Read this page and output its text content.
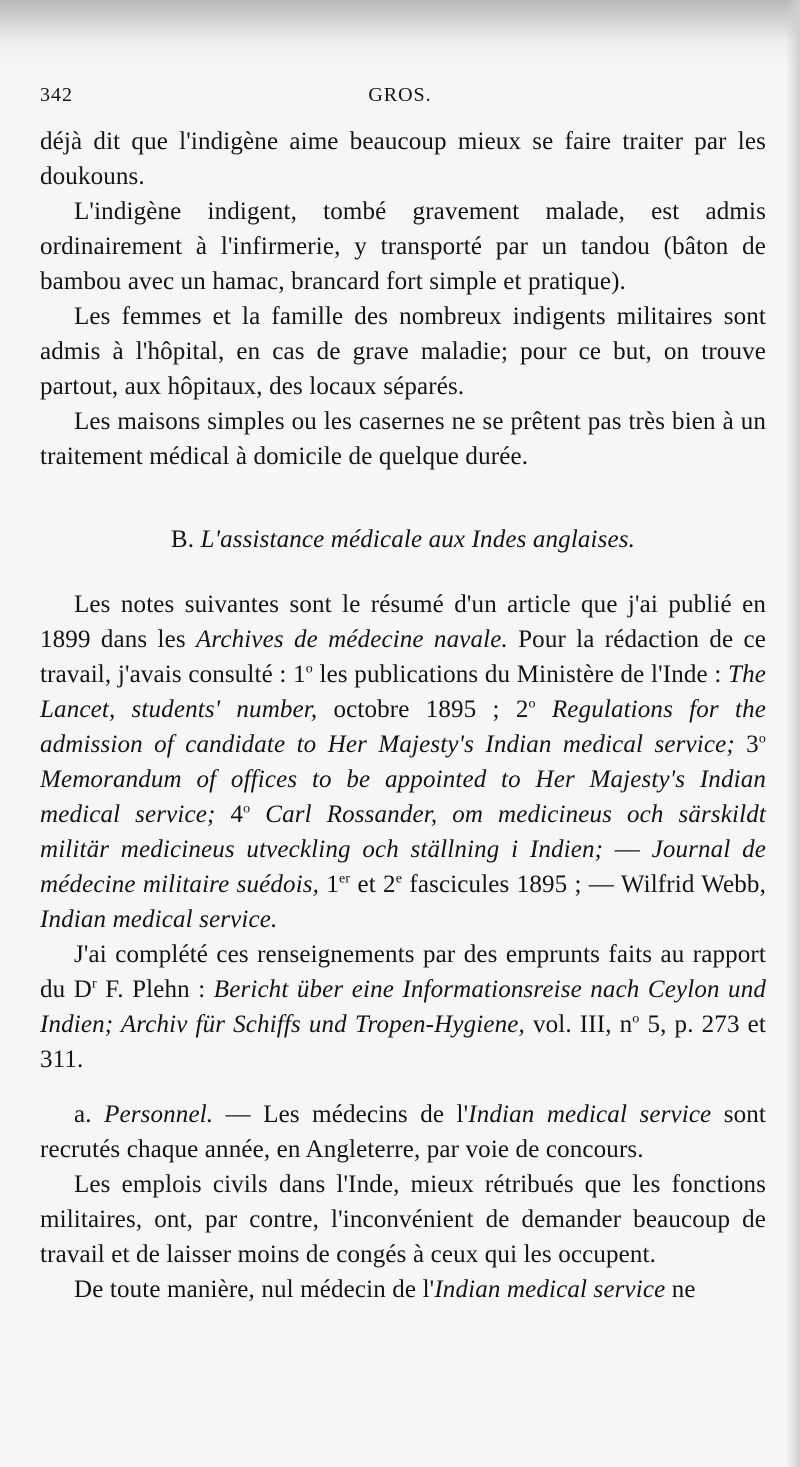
342	GROS.

déjà dit que l'indigène aime beaucoup mieux se faire traiter par les doukouns.

L'indigène indigent, tombé gravement malade, est admis ordinairement à l'infirmerie, y transporté par un tandou (bâton de bambou avec un hamac, brancard fort simple et pratique).

Les femmes et la famille des nombreux indigents militaires sont admis à l'hôpital, en cas de grave maladie; pour ce but, on trouve partout, aux hôpitaux, des locaux séparés.

Les maisons simples ou les casernes ne se prêtent pas très bien à un traitement médical à domicile de quelque durée.

B. L'assistance médicale aux Indes anglaises.

Les notes suivantes sont le résumé d'un article que j'ai publié en 1899 dans les Archives de médecine navale. Pour la rédaction de ce travail, j'avais consulté : 1$^o$ les publications du Ministère de l'Inde : The Lancet, students' number, octobre 1895 ; 2$^o$ Regulations for the admission of candidate to Her Majesty's Indian medical service; 3$^o$ Memorandum of offices to be appointed to Her Majesty's Indian medical service; 4$^o$ Carl Rossander, om medicineus och särskildt militär medicineus utveckling och ställning i Indien; — Journal de médecine militaire suédois, 1er et 2e fascicules 1895 ; — Wilfrid Webb, Indian medical service.

J'ai complété ces renseignements par des emprunts faits au rapport du $D^r$ F. Plehn : Bericht über eine Informationsreise nach Ceylon und Indien; Archiv für Schiffs und Tropen-Hygiene, vol. III, $n^o$ 5, p. 273 et 311.

a. Personnel. — Les médecins de l'Indian medical service sont recrutés chaque année, en Angleterre, par voie de concours.

Les emplois civils dans l'Inde, mieux rétribués que les fonctions militaires, ont, par contre, l'inconvénient de demander beaucoup de travail et de laisser moins de congés à ceux qui les occupent.

De toute manière, nul médecin de l'Indian medical service ne
